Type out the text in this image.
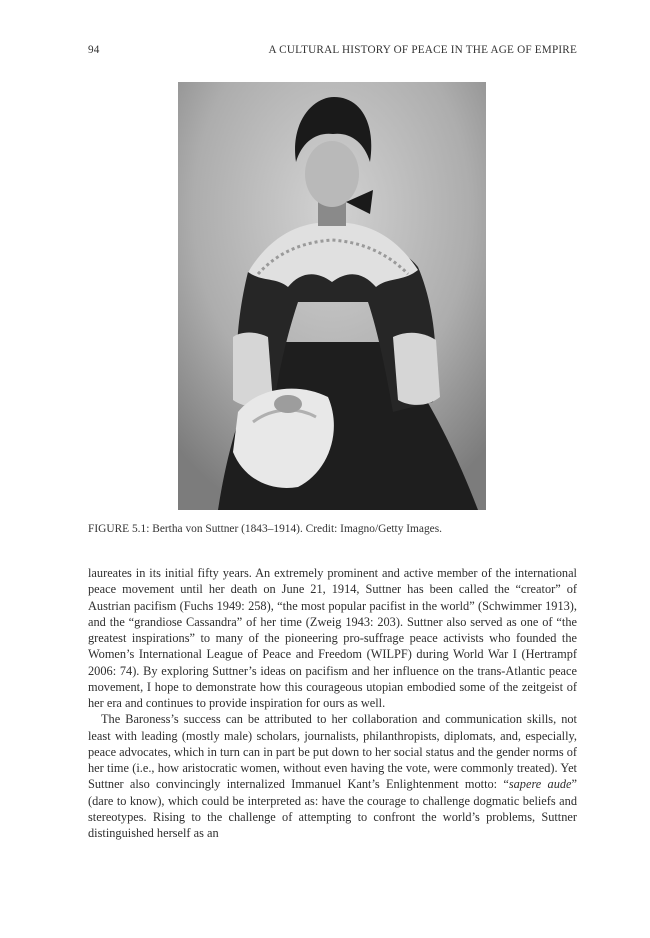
94	A CULTURAL HISTORY OF PEACE IN THE AGE OF EMPIRE
FIGURE 5.1: Bertha von Suttner (1843–1914). Credit: Imagno/Getty Images.

laureates in its initial fifty years. An extremely prominent and active member of the international peace movement until her death on June 21, 1914, Suttner has been called the “creator” of Austrian pacifism (Fuchs 1949: 258), “the most popular pacifist in the world” (Schwimmer 1913), and the “grandiose Cassandra” of her time (Zweig 1943: 203). Suttner also served as one of “the greatest inspirations” to many of the pioneering pro-suffrage peace activists who founded the Women’s International League of Peace and Freedom (WILPF) during World War I (Hertrampf 2006: 74). By exploring Suttner’s ideas on pacifism and her influence on the trans-Atlantic peace movement, I hope to demonstrate how this courageous utopian embodied some of the zeitgeist of her era and continues to provide inspiration for ours as well.

The Baroness’s success can be attributed to her collaboration and communication skills, not least with leading (mostly male) scholars, journalists, philanthropists, diplomats, and, especially, peace advocates, which in turn can in part be put down to her social status and the gender norms of her time (i.e., how aristocratic women, without even having the vote, were commonly treated). Yet Suttner also convincingly internalized Immanuel Kant’s Enlightenment motto: “sapere aude” (dare to know), which could be interpreted as: have the courage to challenge dogmatic beliefs and stereotypes. Rising to the challenge of attempting to confront the world’s problems, Suttner distinguished herself as an
